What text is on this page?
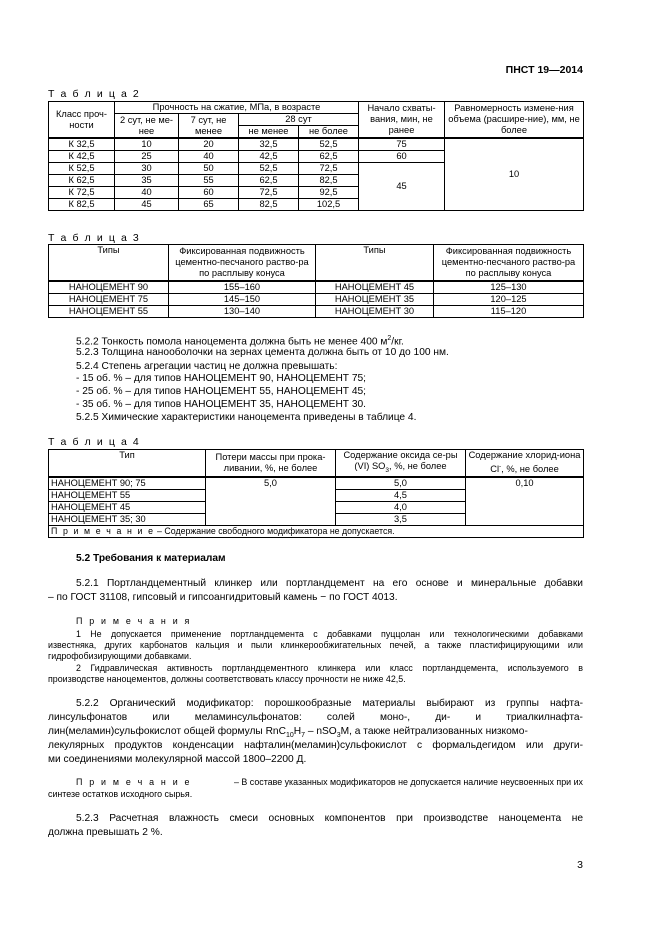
ПНСТ 19—2014
Т а б л и ц а 2
Класс проч-ности	Прочность на сжатие, МПа, в возрасте				Начало схваты-вания, мин, не ранее	Равномерность измене-ния объема (расшире-ние), мм, не более
	2 сут, не ме-нее	7 сут, не менее	28 сут			
			не менее	не более		
К 32,5	10	20	32,5	52,5	75	10
К 42,5	25	40	42,5	62,5	60	
К 52,5	30	50	52,5	72,5	45	
К 62,5	35	55	62,5	82,5		
К 72,5	40	60	72,5	92,5		
К 82,5	45	65	82,5	102,5		
Т а б л и ц а 3
Типы	Фиксированная подвижность цементно-песчаного раство-ра по расплыву конуса	Типы	Фиксированная подвижность цементно-песчаного раство-ра по расплыву конуса
НАНОЦЕМЕНТ 90	155–160	НАНОЦЕМЕНТ 45	125–130
НАНОЦЕМЕНТ 75	145–150	НАНОЦЕМЕНТ 35	120–125
НАНОЦЕМЕНТ 55	130–140	НАНОЦЕМЕНТ 30	115–120
5.2.2 Тонкость помола наноцемента должна быть не менее 400 $м^2/кг$.
5.2.3 Толщина нанооболочки на зернах цемента должна быть от 10 до 100 нм.
5.2.4 Степень агрегации частиц не должна превышать:
- 15 об. % – для типов НАНОЦЕМЕНТ 90, НАНОЦЕМЕНТ 75;
- 25 об. % – для типов НАНОЦЕМЕНТ 55, НАНОЦЕМЕНТ 45;
- 35 об. % – для типов НАНОЦЕМЕНТ 35, НАНОЦЕМЕНТ 30.
5.2.5 Химические характеристики наноцемента приведены в таблице 4.
Т а б л и ц а 4
Тип	Потери массы при прока-ливании, %, не более	Содержание оксида се-ры (VI) $SO_3$, %, не более	Содержание хлорид-иона Cl-, %, не более
НАНОЦЕМЕНТ 90; 75	5,0	5,0	0,10
НАНОЦЕМЕНТ 55		4,5	
НАНОЦЕМЕНТ 45		4,0	
НАНОЦЕМЕНТ 35; 30		3,5	
П р и м е ч а н и е – Содержание свободного модификатора не допускается.			
5.2 Требования к материалам
5.2.1 Портландцементный клинкер или портландцемент на его основе и минеральные добавки
– по ГОСТ 31108, гипсовый и гипсоангидритовый камень − по ГОСТ 4013.
П р и м е ч а н и я
1 Не допускается применение портландцемента с добавками пуццолан или технологическими добавками
известняка, других карбонатов кальция и пыли клинкерообжигательных печей, а также пластифицирующими или
гидрофобизирующими добавками.
2 Гидравлическая активность портландцементного клинкера или класс портландцемента, используемого в
производстве наноцементов, должны соответствовать классу прочности не ниже 42,5.
5.2.2 Органический модификатор: порошкообразные материалы выбирают из группы нафта-
линсульфонатов или меламинсульфонатов: солей моно-, ди- и триалкилнафта-
лин(меламин)сульфокислот общей формулы $RnC_{10}H_7 - nSO_3M$, а также нейтрализованных низкомо-
лекулярных продуктов конденсации нафталин(меламин)сульфокислот с формальдегидом или други-
ми соединениями молекулярной массой 1800–2200 Д.
П р и м е ч а н и е	– В составе указанных модификаторов не допускается наличие неусвоенных при их
синтезе остатков исходного сырья.
5.2.3 Расчетная влажность смеси основных компонентов при производстве наноцемента не
должна превышать 2 %.
3
